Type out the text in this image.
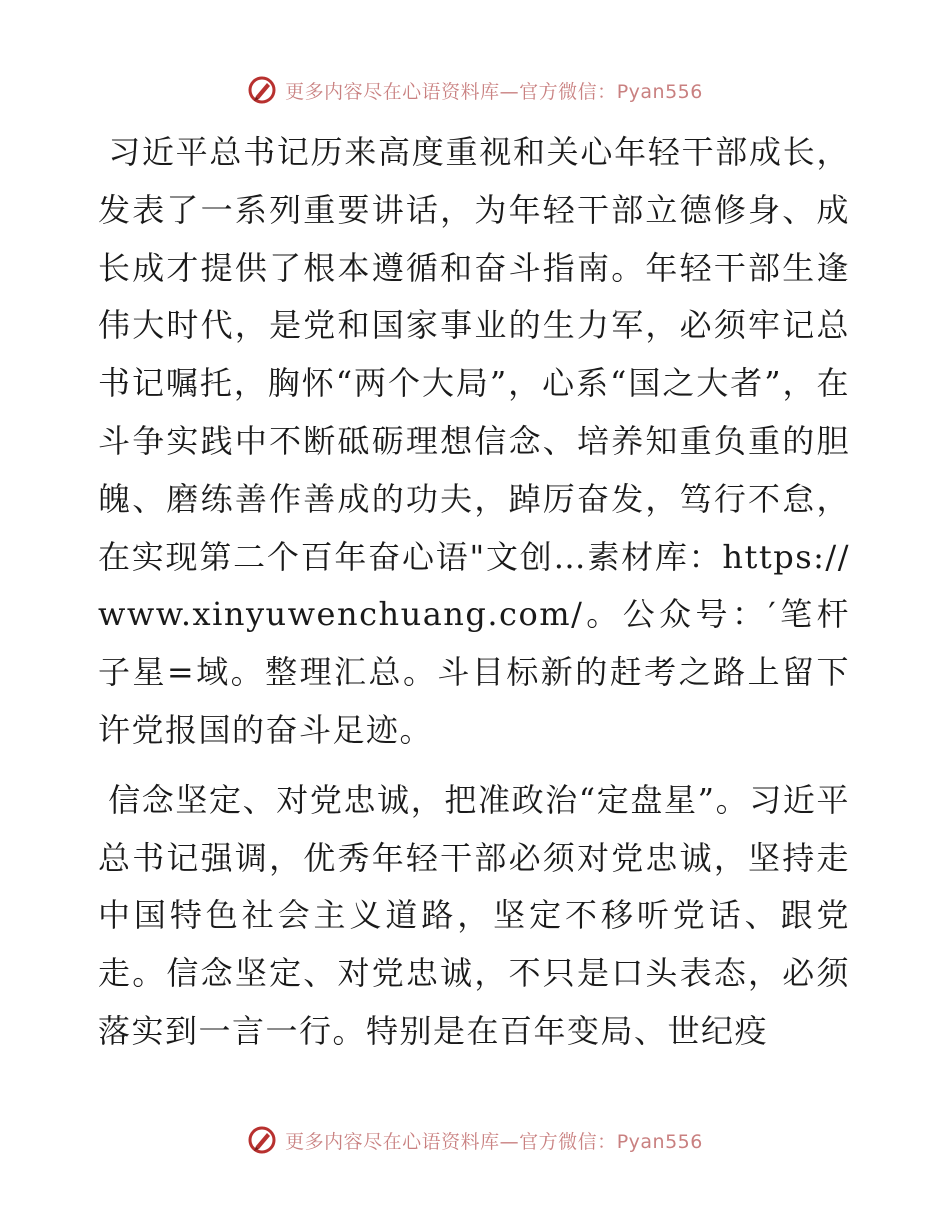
更多内容尽在心语资料库—官方微信：Pyan556

习近平总书记历来高度重视和关心年轻干部成长，发表了一系列重要讲话，为年轻干部立德修身、成长成才提供了根本遵循和奋斗指南。年轻干部生逢伟大时代，是党和国家事业的生力军，必须牢记总书记嘱托，胸怀“两个大局”，心系“国之大者”，在斗争实践中不断砥砺理想信念、培养知重负重的胆魄、磨练善作善成的功夫，踔厉奋发，笃行不怠，在实现第二个百年奋心语"文创…素材库：https://www.xinyuwenchuang.com/。公众号：′笔杆子星=域。整理汇总。斗目标新的赶考之路上留下许党报国的奋斗足迹。

信念坚定、对党忠诚，把准政治“定盘星”。习近平总书记强调，优秀年轻干部必须对党忠诚，坚持走中国特色社会主义道路，坚定不移听党话、跟党走。信念坚定、对党忠诚，不只是口头表态，必须落实到一言一行。特别是在百年变局、世纪疫

更多内容尽在心语资料库—官方微信：Pyan556
